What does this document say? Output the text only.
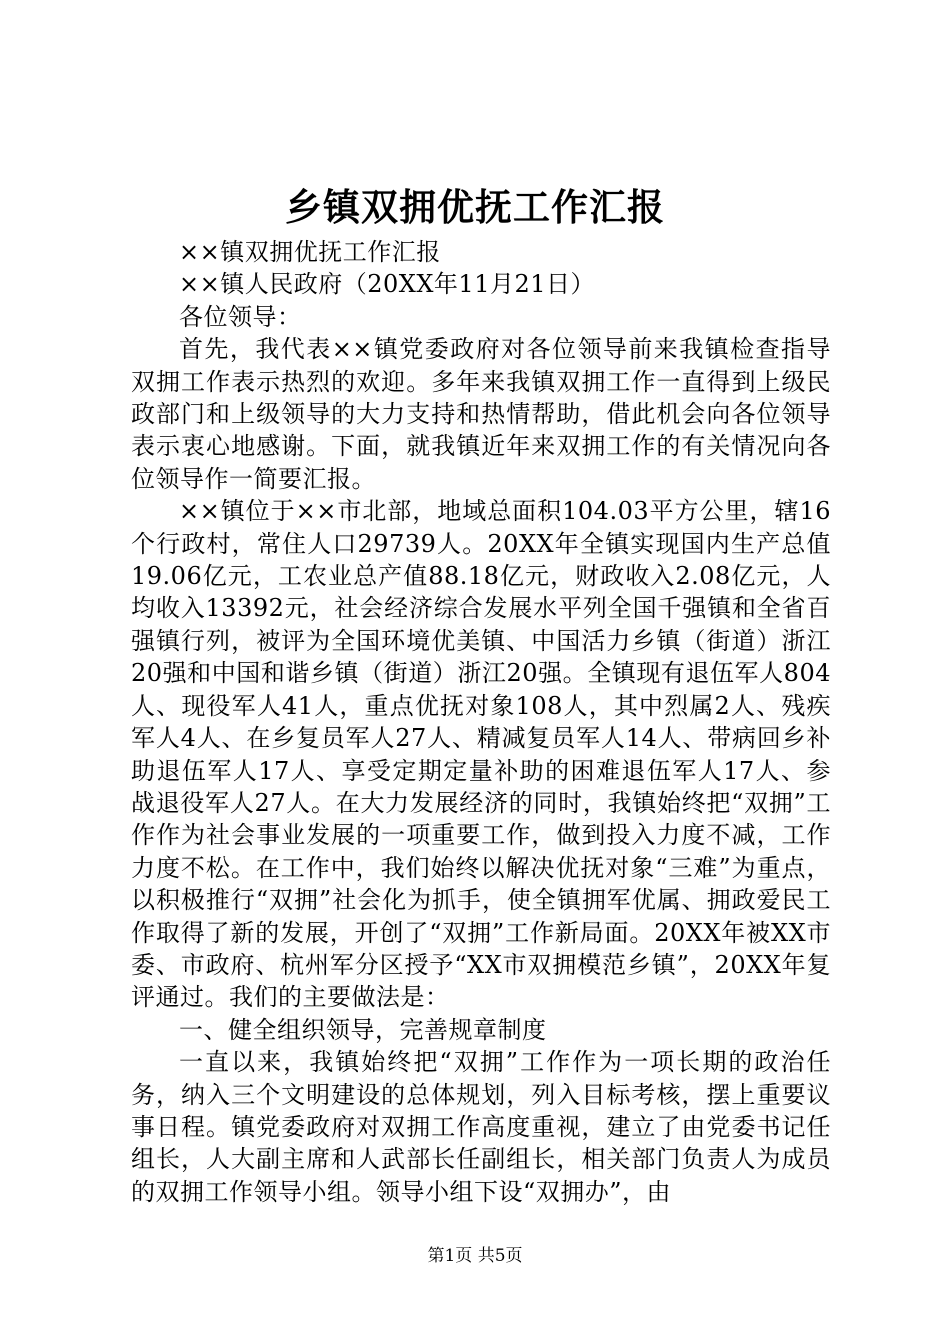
乡镇双拥优抚工作汇报

××镇双拥优抚工作汇报

××镇人民政府（20XX年11月21日）

各位领导：

首先，我代表××镇党委政府对各位领导前来我镇检查指导双拥工作表示热烈的欢迎。多年来我镇双拥工作一直得到上级民政部门和上级领导的大力支持和热情帮助，借此机会向各位领导表示衷心地感谢。下面，就我镇近年来双拥工作的有关情况向各位领导作一简要汇报。

××镇位于××市北部，地域总面积104.03平方公里，辖16个行政村，常住人口29739人。20XX年全镇实现国内生产总值19.06亿元，工农业总产值88.18亿元，财政收入2.08亿元，人均收入13392元，社会经济综合发展水平列全国千强镇和全省百强镇行列，被评为全国环境优美镇、中国活力乡镇（街道）浙江20强和中国和谐乡镇（街道）浙江20强。全镇现有退伍军人804人、现役军人41人，重点优抚对象108人，其中烈属2人、残疾军人4人、在乡复员军人27人、精减复员军人14人、带病回乡补助退伍军人17人、享受定期定量补助的困难退伍军人17人、参战退役军人27人。在大力发展经济的同时，我镇始终把“双拥”工作作为社会事业发展的一项重要工作，做到投入力度不减，工作力度不松。在工作中，我们始终以解决优抚对象“三难”为重点，以积极推行“双拥”社会化为抓手，使全镇拥军优属、拥政爱民工作取得了新的发展，开创了“双拥”工作新局面。20XX年被XX市委、市政府、杭州军分区授予“XX市双拥模范乡镇”，20XX年复评通过。我们的主要做法是：

一、健全组织领导，完善规章制度

一直以来，我镇始终把“双拥”工作作为一项长期的政治任务，纳入三个文明建设的总体规划，列入目标考核，摆上重要议事日程。镇党委政府对双拥工作高度重视，建立了由党委书记任组长，人大副主席和人武部长任副组长，相关部门负责人为成员的双拥工作领导小组。领导小组下设“双拥办”，由

第1页 共5页
